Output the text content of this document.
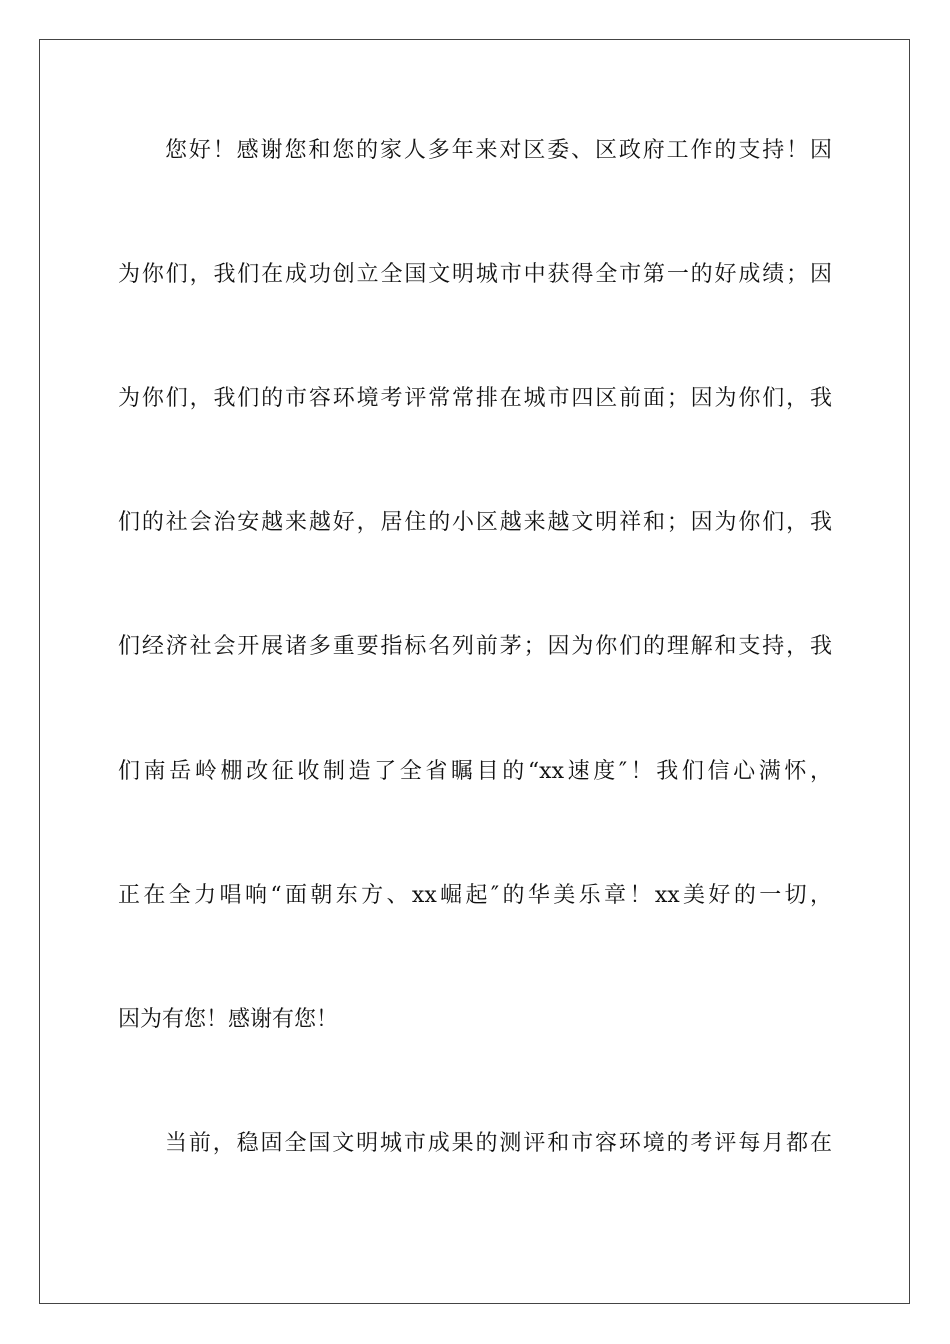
您好！感谢您和您的家人多年来对区委、区政府工作的支持！因
为你们，我们在成功创立全国文明城市中获得全市第一的好成绩；因
为你们，我们的市容环境考评常常排在城市四区前面；因为你们，我
们的社会治安越来越好，居住的小区越来越文明祥和；因为你们，我
们经济社会开展诸多重要指标名列前茅；因为你们的理解和支持，我
们南岳岭棚改征收制造了全省瞩目的“xx速度″！我们信心满怀，
正在全力唱响“面朝东方、xx崛起″的华美乐章！xx美好的一切，
因为有您！感谢有您！
当前，稳固全国文明城市成果的测评和市容环境的考评每月都在
